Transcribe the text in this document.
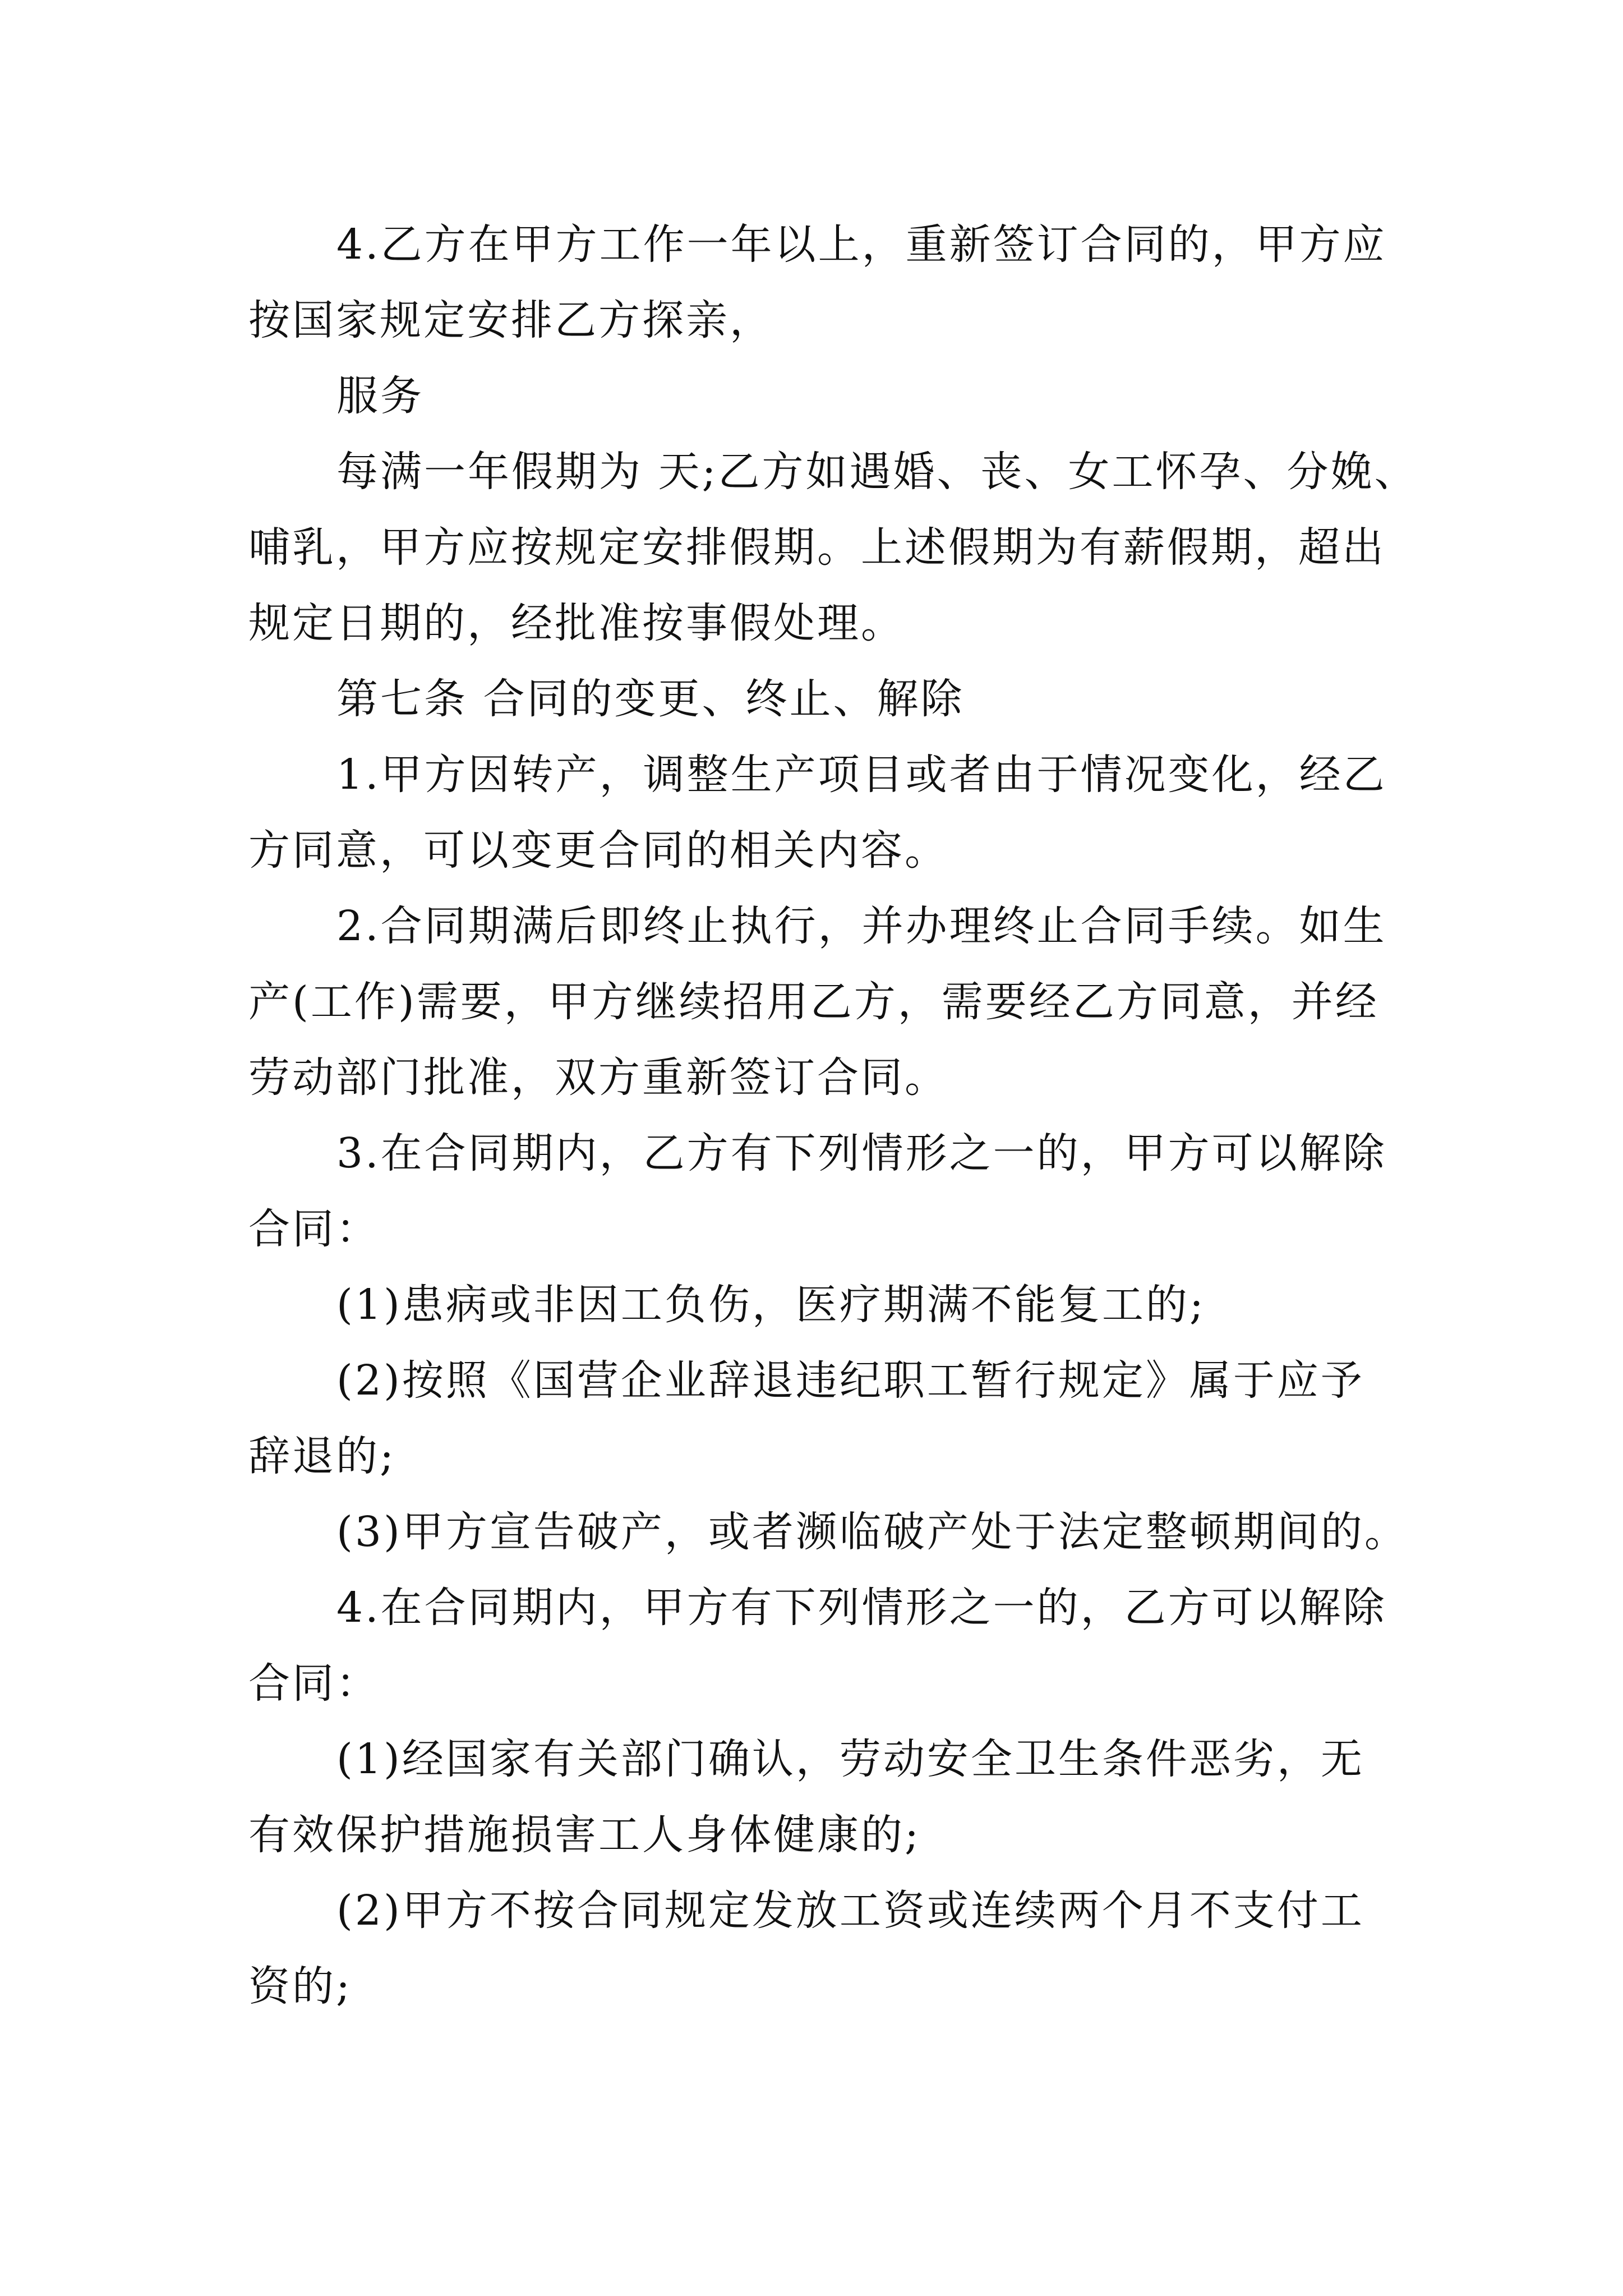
4.乙方在甲方工作一年以上，重新签订合同的，甲方应

按国家规定安排乙方探亲，

服务

每满一年假期为 天;乙方如遇婚、丧、女工怀孕、分娩、

哺乳，甲方应按规定安排假期。上述假期为有薪假期，超出

规定日期的，经批准按事假处理。

第七条 合同的变更、终止、解除

1.甲方因转产，调整生产项目或者由于情况变化，经乙

方同意，可以变更合同的相关内容。

2.合同期满后即终止执行，并办理终止合同手续。如生

产(工作)需要，甲方继续招用乙方，需要经乙方同意，并经

劳动部门批准，双方重新签订合同。

3.在合同期内，乙方有下列情形之一的，甲方可以解除

合同：

(1)患病或非因工负伤，医疗期满不能复工的;

(2)按照《国营企业辞退违纪职工暂行规定》属于应予

辞退的;

(3)甲方宣告破产，或者濒临破产处于法定整顿期间的。

4.在合同期内，甲方有下列情形之一的，乙方可以解除

合同：

(1)经国家有关部门确认，劳动安全卫生条件恶劣，无

有效保护措施损害工人身体健康的;

(2)甲方不按合同规定发放工资或连续两个月不支付工

资的;
